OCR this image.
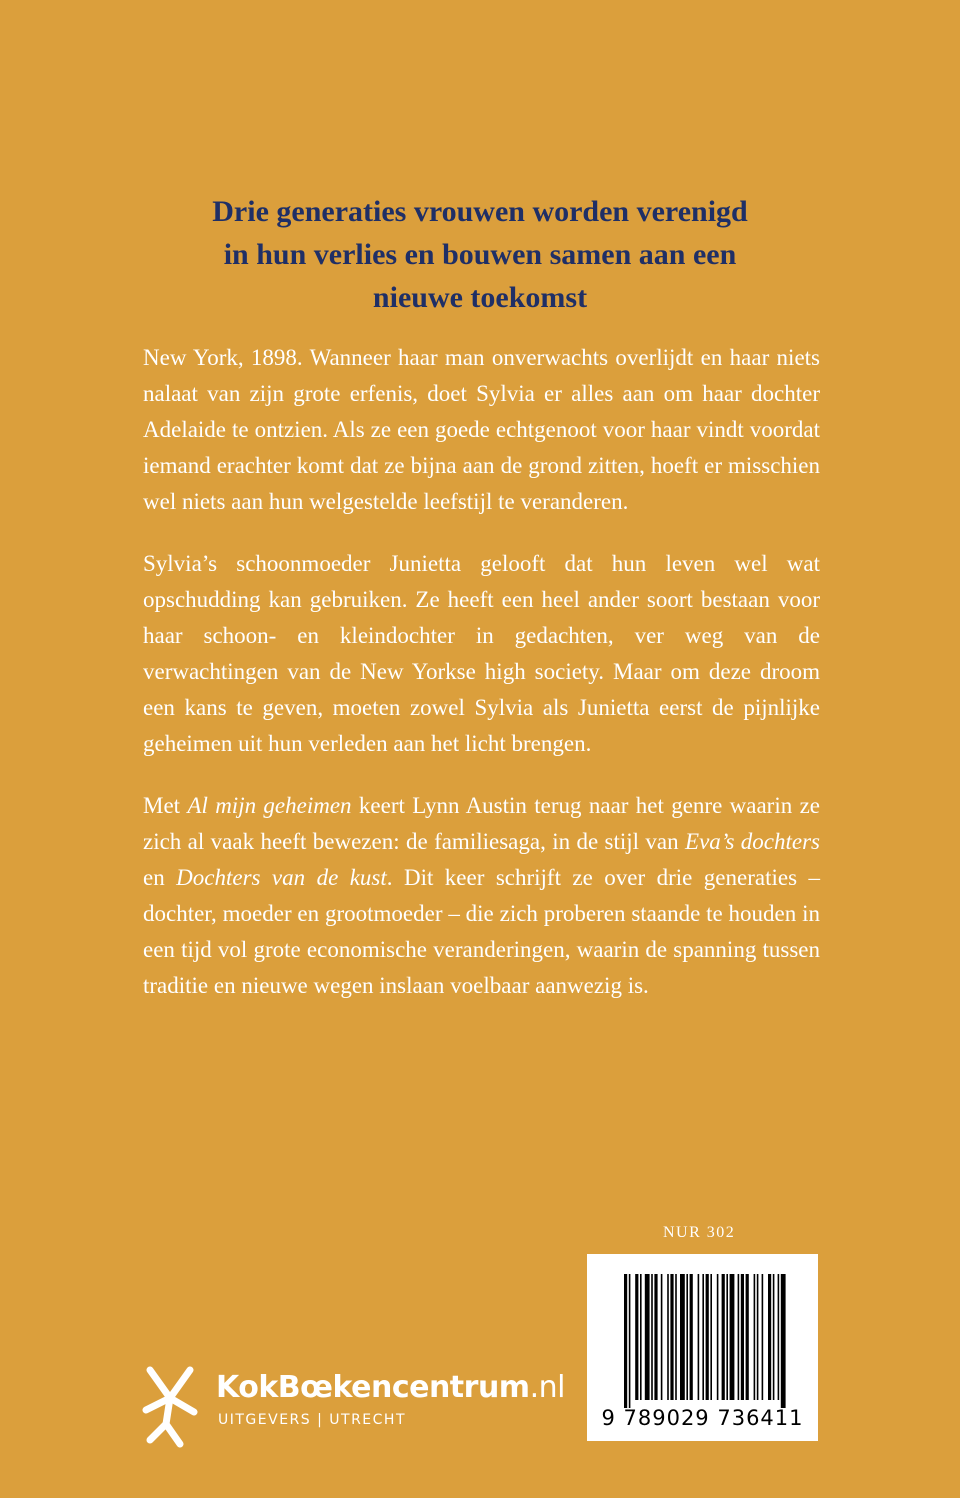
Drie generaties vrouwen worden verenigd
in hun verlies en bouwen samen aan een
nieuwe toekomst

New York, 1898. Wanneer haar man onverwachts overlijdt en haar niets nalaat van zijn grote erfenis, doet Sylvia er alles aan om haar dochter Adelaide te ontzien. Als ze een goede echtgenoot voor haar vindt voordat iemand erachter komt dat ze bijna aan de grond zitten, hoeft er misschien wel niets aan hun welgestelde leefstijl te veranderen.

Sylvia’s schoonmoeder Junietta gelooft dat hun leven wel wat opschudding kan gebruiken. Ze heeft een heel ander soort bestaan voor haar schoon- en kleindochter in gedachten, ver weg van de verwachtingen van de New Yorkse high society. Maar om deze droom een kans te geven, moeten zowel Sylvia als Junietta eerst de pijnlijke geheimen uit hun verleden aan het licht brengen.

Met Al mijn geheimen keert Lynn Austin terug naar het genre waarin ze zich al vaak heeft bewezen: de familiesaga, in de stijl van Eva’s dochters en Dochters van de kust. Dit keer schrijft ze over drie generaties – dochter, moeder en grootmoeder – die zich proberen staande te houden in een tijd vol grote economische veranderingen, waarin de spanning tussen traditie en nieuwe wegen inslaan voelbaar aanwezig is.

NUR 302
9 789029 736411
KokBœkencentrum.nl
UITGEVERS | UTRECHT
